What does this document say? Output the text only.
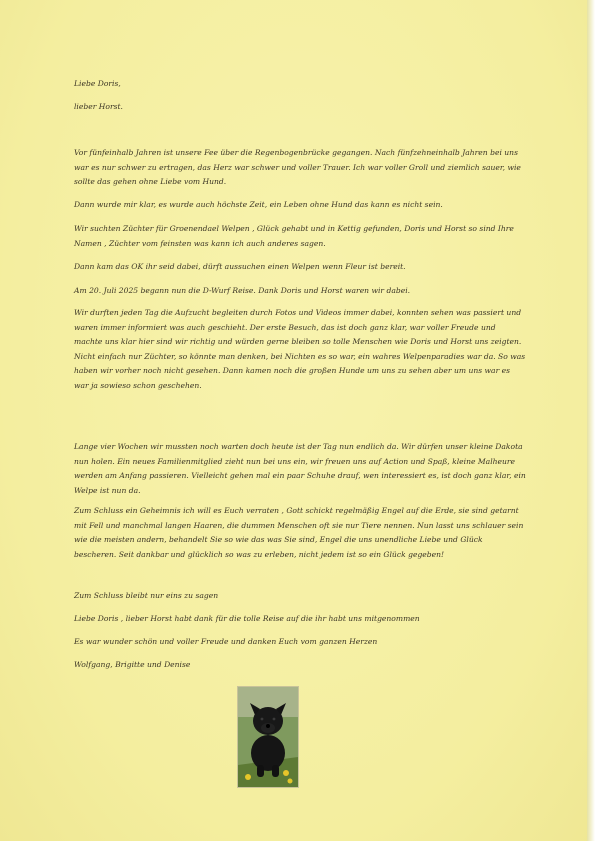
Liebe Doris,

lieber Horst.

Vor fünfeinhalb Jahren ist unsere Fee über die Regenbogenbrücke gegangen. Nach fünfzehneinhalb Jahren bei uns war es nur schwer zu ertragen, das Herz war schwer und voller Trauer. Ich war voller Groll und ziemlich sauer, wie sollte das gehen ohne Liebe vom Hund.

Dann wurde mir klar, es wurde auch höchste Zeit, ein Leben ohne Hund das kann es nicht sein.

Wir suchten Züchter für Groenendael Welpen , Glück gehabt und in Kettig gefunden, Doris und Horst so sind Ihre Namen , Züchter vom feinsten was kann ich auch anderes sagen.

Dann kam das OK ihr seid dabei, dürft aussuchen einen Welpen wenn Fleur ist bereit.

Am 20. Juli 2025 begann nun die D-Wurf Reise. Dank Doris und Horst waren wir dabei.

Wir durften jeden Tag die Aufzucht begleiten durch Fotos und Videos immer dabei, konnten sehen was passiert und waren immer informiert was auch geschieht. Der erste Besuch, das ist doch ganz klar, war voller Freude und machte uns klar hier sind wir richtig und würden gerne bleiben so tolle Menschen wie Doris und Horst uns zeigten. Nicht einfach nur Züchter, so könnte man denken, bei Nichten es so war, ein wahres Welpenparadies war da. So was haben wir vorher noch nicht gesehen. Dann kamen noch die großen Hunde um uns zu sehen aber um uns war es war ja sowieso schon geschehen.

Lange vier Wochen wir mussten noch warten doch heute ist der Tag nun endlich da. Wir dürfen unser kleine Dakota nun holen. Ein neues Familienmitglied zieht nun bei uns ein, wir freuen uns auf Action und Spaß, kleine Malheure werden am Anfang passieren. Vielleicht gehen mal ein paar Schuhe drauf, wen interessiert es, ist doch ganz klar, ein Welpe ist nun da.

Zum Schluss ein Geheimnis ich will es Euch verraten , Gott schickt regelmäßig Engel auf die Erde, sie sind getarnt mit Fell und manchmal langen Haaren, die dummen Menschen oft sie nur Tiere nennen. Nun lasst uns schlauer sein wie die meisten andern, behandelt Sie so wie das was Sie sind, Engel die uns unendliche Liebe und Glück bescheren. Seit dankbar und glücklich so was zu erleben, nicht jedem ist so ein Glück gegeben!

Zum Schluss bleibt nur eins zu sagen

Liebe Doris , lieber Horst habt dank für die tolle Reise auf die ihr habt uns mitgenommen

Es war wunder schön und voller Freude und danken Euch vom ganzen Herzen

Wolfgang, Brigitte und Denise
